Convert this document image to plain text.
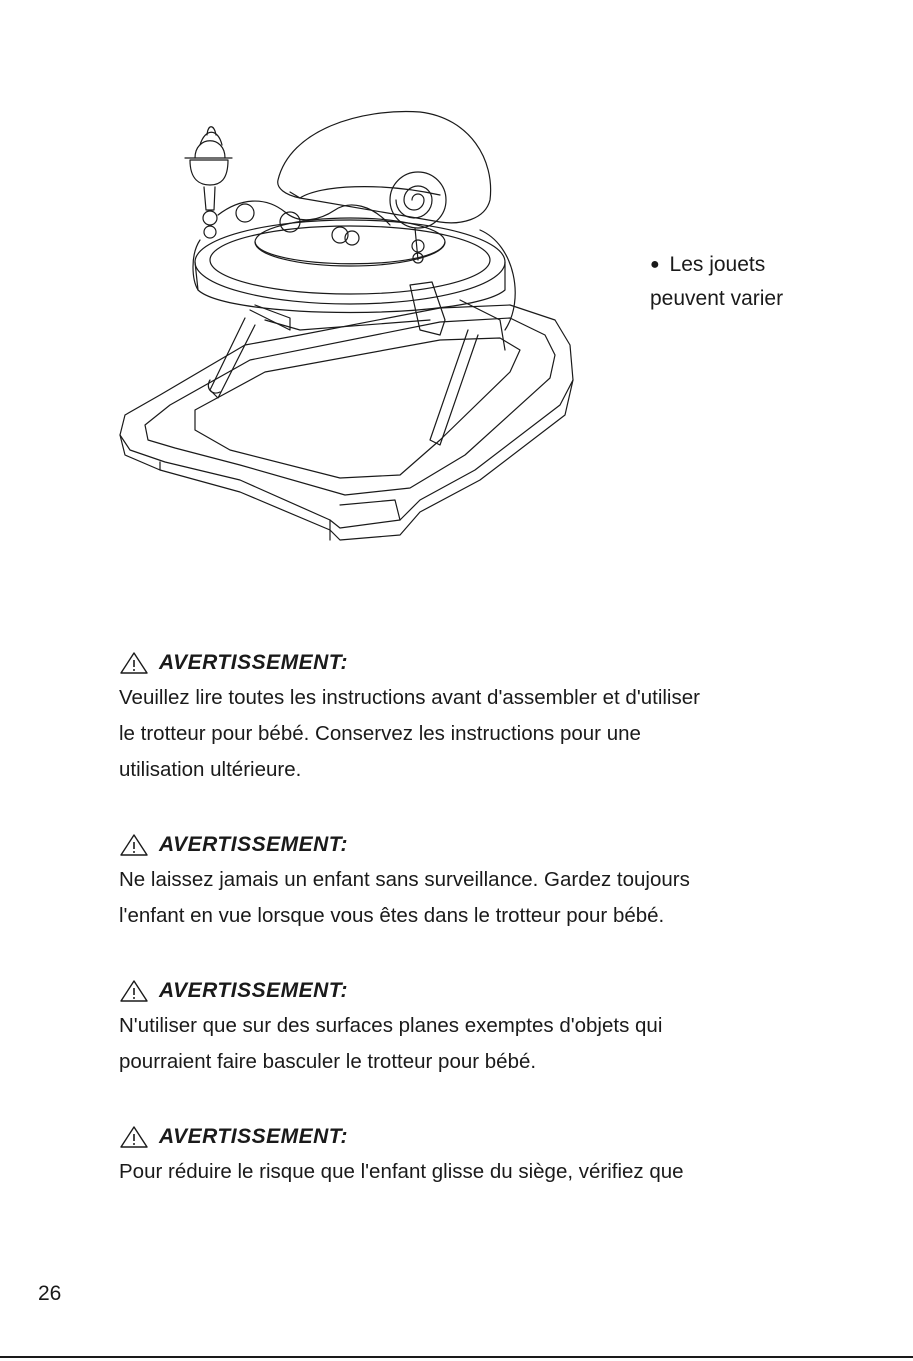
● Les jouets
peuvent varier
AVERTISSEMENT:

Veuillez lire toutes les instructions avant d'assembler et d'utiliser

le trotteur pour bébé. Conservez les instructions pour une

utilisation ultérieure.

AVERTISSEMENT:

Ne laissez jamais un enfant sans surveillance. Gardez toujours

l'enfant en vue lorsque vous êtes dans le trotteur pour bébé.

AVERTISSEMENT:

N'utiliser que sur des surfaces planes exemptes d'objets qui

pourraient faire basculer le trotteur pour bébé.

AVERTISSEMENT:

Pour réduire le risque que l'enfant glisse du siège, vérifiez que

26
